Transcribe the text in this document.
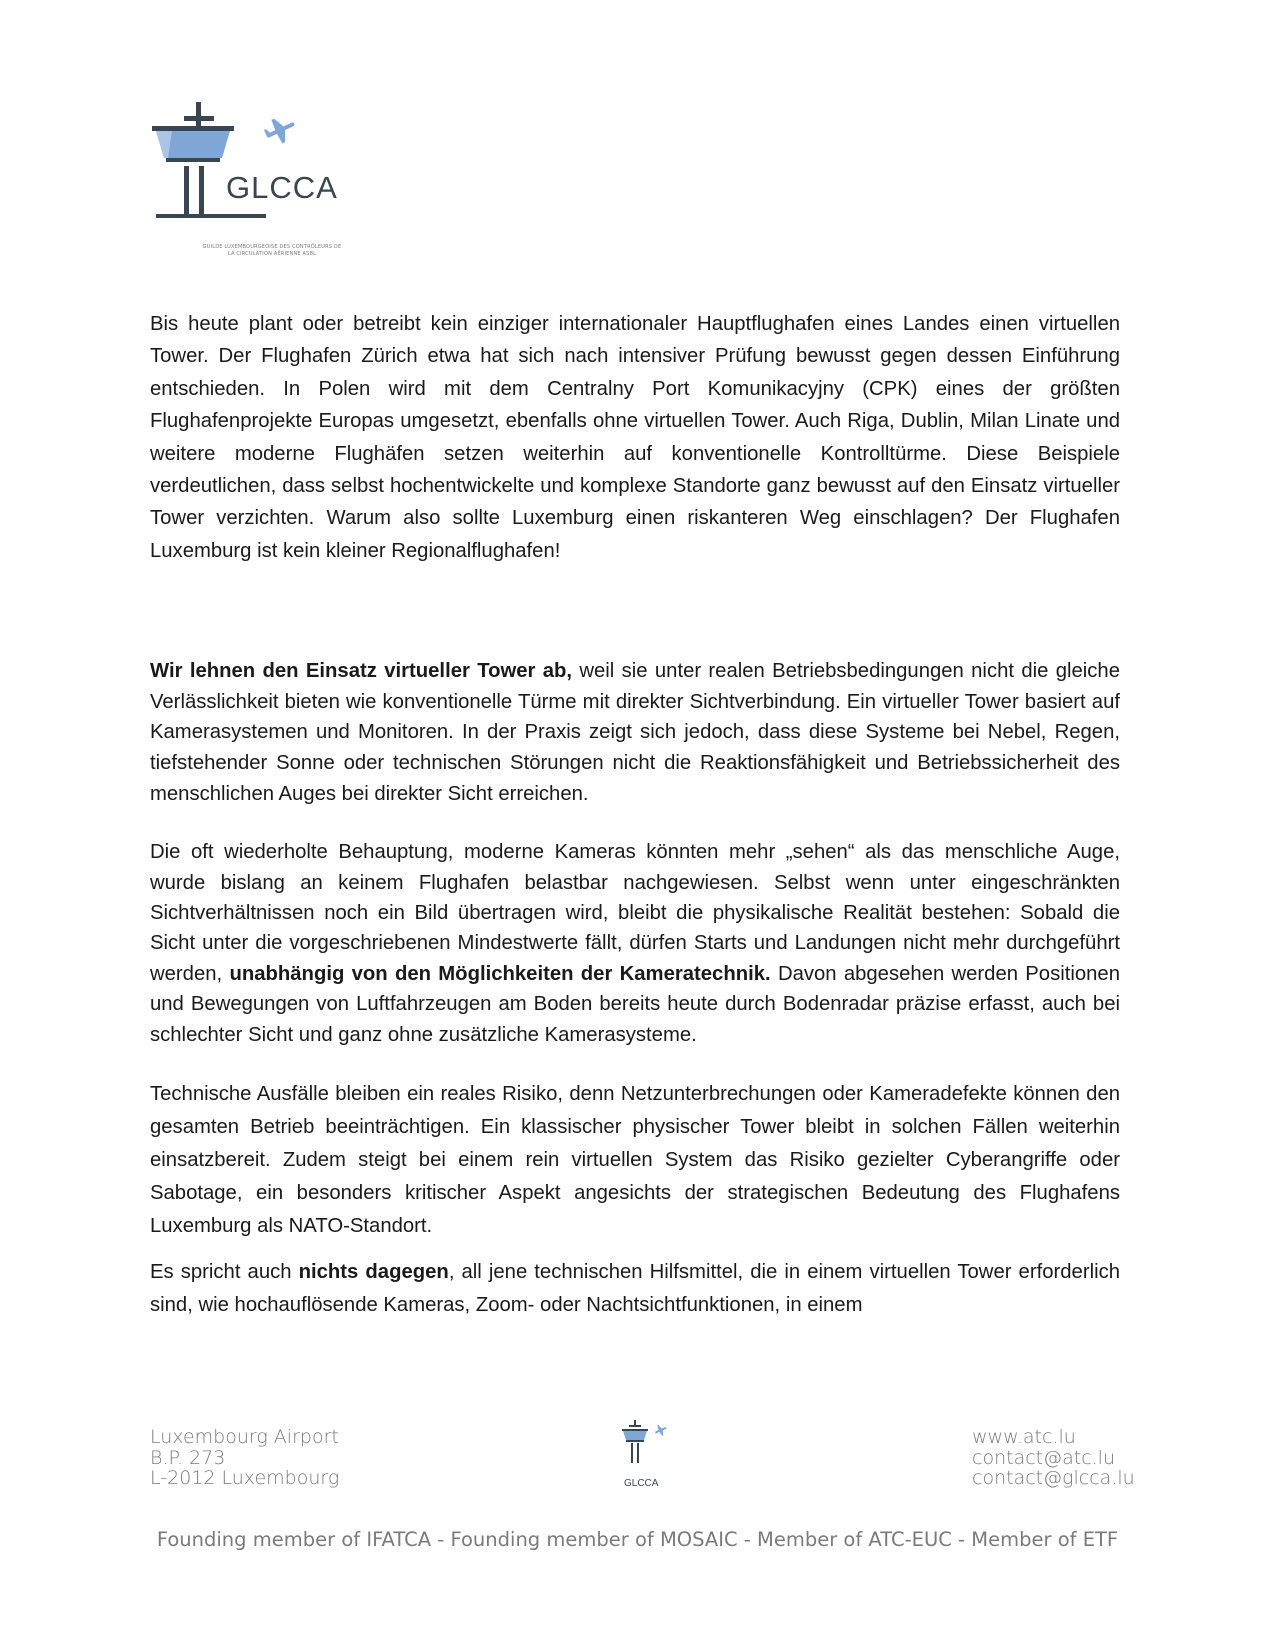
GLCCA
GUILDE LUXEMBOURGEOISE DES CONTRÔLEURS DE
LA CIRCULATION AÉRIENNE ASBL

Bis heute plant oder betreibt kein einziger internationaler Hauptflughafen eines Landes einen virtuellen Tower. Der Flughafen Zürich etwa hat sich nach intensiver Prüfung bewusst gegen dessen Einführung entschieden. In Polen wird mit dem Centralny Port Komunikacyjny (CPK) eines der größten Flughafenprojekte Europas umgesetzt, ebenfalls ohne virtuellen Tower. Auch Riga, Dublin, Milan Linate und weitere moderne Flughäfen setzen weiterhin auf konventionelle Kontrolltürme. Diese Beispiele verdeutlichen, dass selbst hochentwickelte und komplexe Standorte ganz bewusst auf den Einsatz virtueller Tower verzichten. Warum also sollte Luxemburg einen riskanteren Weg einschlagen? Der Flughafen Luxemburg ist kein kleiner Regionalflughafen!

Wir lehnen den Einsatz virtueller Tower ab, weil sie unter realen Betriebsbedingungen nicht die gleiche Verlässlichkeit bieten wie konventionelle Türme mit direkter Sichtverbindung. Ein virtueller Tower basiert auf Kamerasystemen und Monitoren. In der Praxis zeigt sich jedoch, dass diese Systeme bei Nebel, Regen, tiefstehender Sonne oder technischen Störungen nicht die Reaktionsfähigkeit und Betriebssicherheit des menschlichen Auges bei direkter Sicht erreichen.

Die oft wiederholte Behauptung, moderne Kameras könnten mehr „sehen“ als das menschliche Auge, wurde bislang an keinem Flughafen belastbar nachgewiesen. Selbst wenn unter eingeschränkten Sichtverhältnissen noch ein Bild übertragen wird, bleibt die physikalische Realität bestehen: Sobald die Sicht unter die vorgeschriebenen Mindestwerte fällt, dürfen Starts und Landungen nicht mehr durchgeführt werden, unabhängig von den Möglichkeiten der Kameratechnik. Davon abgesehen werden Positionen und Bewegungen von Luftfahrzeugen am Boden bereits heute durch Bodenradar präzise erfasst, auch bei schlechter Sicht und ganz ohne zusätzliche Kamerasysteme.

Technische Ausfälle bleiben ein reales Risiko, denn Netzunterbrechungen oder Kameradefekte können den gesamten Betrieb beeinträchtigen. Ein klassischer physischer Tower bleibt in solchen Fällen weiterhin einsatzbereit. Zudem steigt bei einem rein virtuellen System das Risiko gezielter Cyberangriffe oder Sabotage, ein besonders kritischer Aspekt angesichts der strategischen Bedeutung des Flughafens Luxemburg als NATO-Standort.

Es spricht auch nichts dagegen, all jene technischen Hilfsmittel, die in einem virtuellen Tower erforderlich sind, wie hochauflösende Kameras, Zoom- oder Nachtsichtfunktionen, in einem

Luxembourg Airport
B.P. 273
L-2012 Luxembourg	GLCCA
www.atc.lu
contact@atc.lu
contact@glcca.lu
Founding member of IFATCA - Founding member of MOSAIC - Member of ATC-EUC - Member of ETF
